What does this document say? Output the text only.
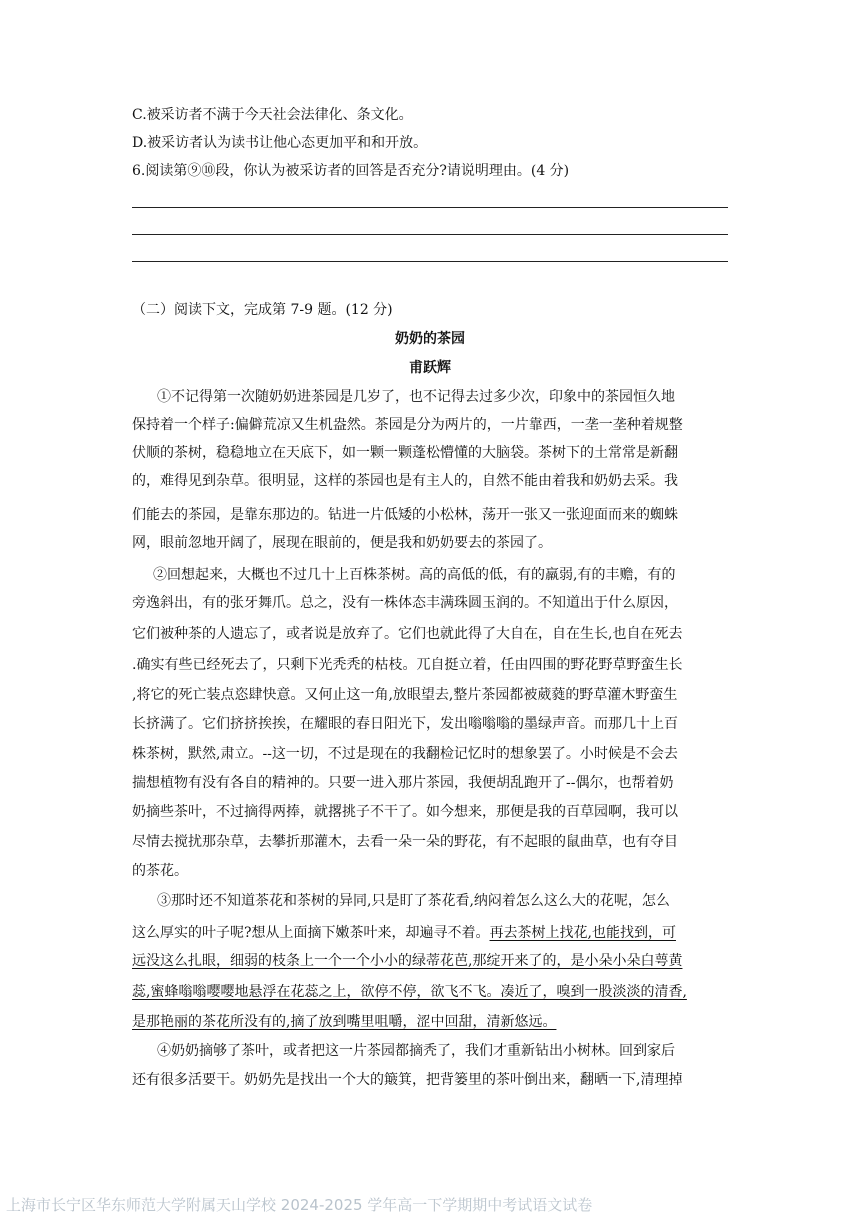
C.被采访者不满于今天社会法律化、条文化。
D.被采访者认为读书让他心态更加平和和开放。
6.阅读第⑨⑩段，你认为被采访者的回答是否充分?请说明理由。(4 分)
（二）阅读下文，完成第 7-9 题。(12 分)
奶奶的茶园
甫跃辉
①不记得第一次随奶奶进茶园是几岁了，也不记得去过多少次，印象中的茶园恒久地
保持着一个样子:偏僻荒凉又生机盎然。茶园是分为两片的，一片靠西，一垄一垄种着规整
伏顺的茶树，稳稳地立在天底下，如一颗一颗蓬松懵懂的大脑袋。茶树下的土常常是新翻
的，难得见到杂草。很明显，这样的茶园也是有主人的，自然不能由着我和奶奶去采。我
们能去的茶园，是靠东那边的。钻进一片低矮的小松林，荡开一张又一张迎面而来的蜘蛛
网，眼前忽地开阔了，展现在眼前的，便是我和奶奶要去的茶园了。
②回想起来，大概也不过几十上百株茶树。高的高低的低，有的羸弱,有的丰赡，有的
旁逸斜出，有的张牙舞爪。总之，没有一株体态丰满珠圆玉润的。不知道出于什么原因，
它们被种茶的人遗忘了，或者说是放弃了。它们也就此得了大自在，自在生长,也自在死去
.确实有些已经死去了，只剩下光秃秃的枯枝。兀自挺立着，任由四围的野花野草野蛮生长
,将它的死亡装点恣肆快意。又何止这一角,放眼望去,整片茶园都被葳蕤的野草灌木野蛮生
长挤满了。它们挤挤挨挨，在耀眼的春日阳光下，发出嗡嗡嗡的墨绿声音。而那几十上百
株茶树，默然,肃立。--这一切，不过是现在的我翻检记忆时的想象罢了。小时候是不会去
揣想植物有没有各自的精神的。只要一进入那片茶园，我便胡乱跑开了--偶尔，也帮着奶
奶摘些茶叶，不过摘得两捧，就撂挑子不干了。如今想来，那便是我的百草园啊，我可以
尽情去搅扰那杂草，去攀折那灌木，去看一朵一朵的野花，有不起眼的鼠曲草，也有夺目
的茶花。
③那时还不知道茶花和茶树的异同,只是盯了茶花看,纳闷着怎么这么大的花呢，怎么
这么厚实的叶子呢?想从上面摘下嫩茶叶来，却遍寻不着。再去茶树上找花,也能找到，可
远没这么扎眼，细弱的枝条上一个一个小小的绿蒂花芭,那绽开来了的，是小朵小朵白萼黄
蕊,蜜蜂嗡嗡嘤嘤地悬浮在花蕊之上，欲停不停，欲飞不飞。凑近了，嗅到一股淡淡的清香,
是那艳丽的茶花所没有的,摘了放到嘴里咀嚼，涩中回甜，清新悠远。
④奶奶摘够了茶叶，或者把这一片茶园都摘秃了，我们才重新钻出小树林。回到家后
还有很多活要干。奶奶先是找出一个大的簸箕，把背篓里的茶叶倒出来，翻晒一下,清理掉
上海市长宁区华东师范大学附属天山学校 2024-2025 学年高一下学期期中考试语文试卷
